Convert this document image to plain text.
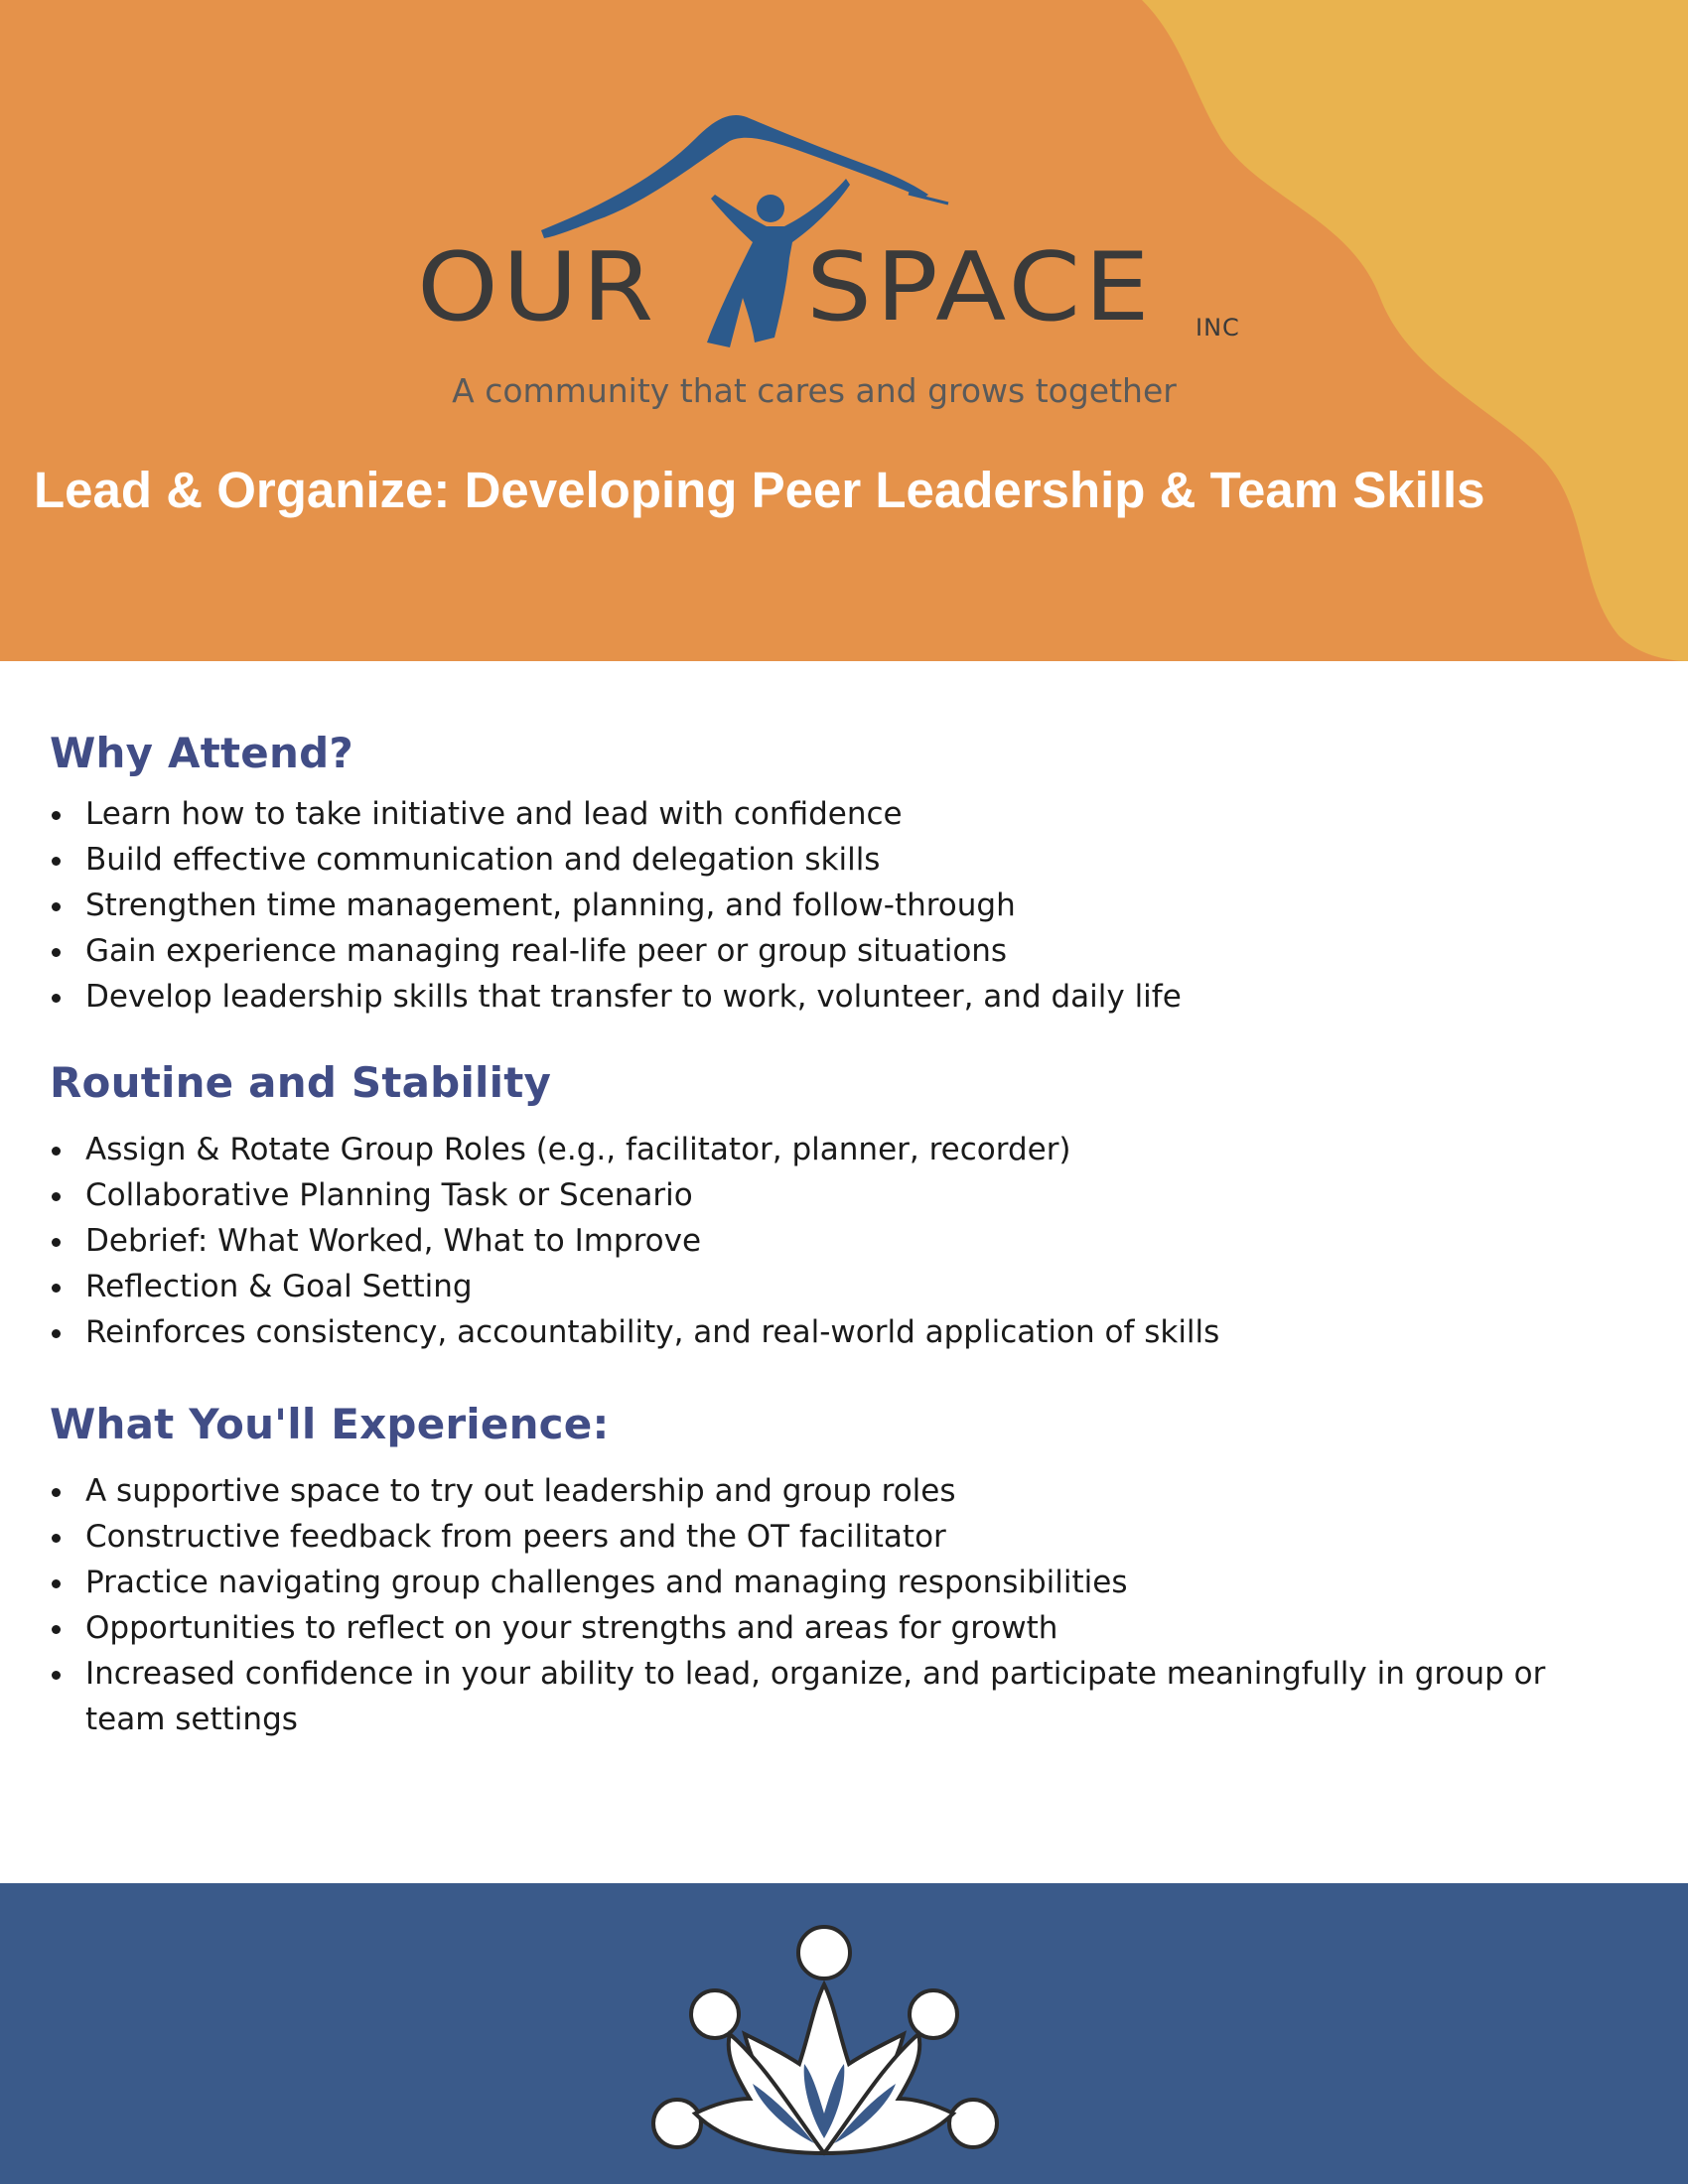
OUR SPACE INC
A community that cares and grows together
Lead & Organize: Developing Peer Leadership & Team Skills
Why Attend?
Learn how to take initiative and lead with confidence
Build effective communication and delegation skills
Strengthen time management, planning, and follow-through
Gain experience managing real-life peer or group situations
Develop leadership skills that transfer to work, volunteer, and daily life
Routine and Stability
Assign & Rotate Group Roles (e.g., facilitator, planner, recorder)
Collaborative Planning Task or Scenario
Debrief: What Worked, What to Improve
Reflection & Goal Setting
Reinforces consistency, accountability, and real-world application of skills
What You'll Experience:
A supportive space to try out leadership and group roles
Constructive feedback from peers and the OT facilitator
Practice navigating group challenges and managing responsibilities
Opportunities to reflect on your strengths and areas for growth
Increased confidence in your ability to lead, organize, and participate meaningfully in group or team settings
